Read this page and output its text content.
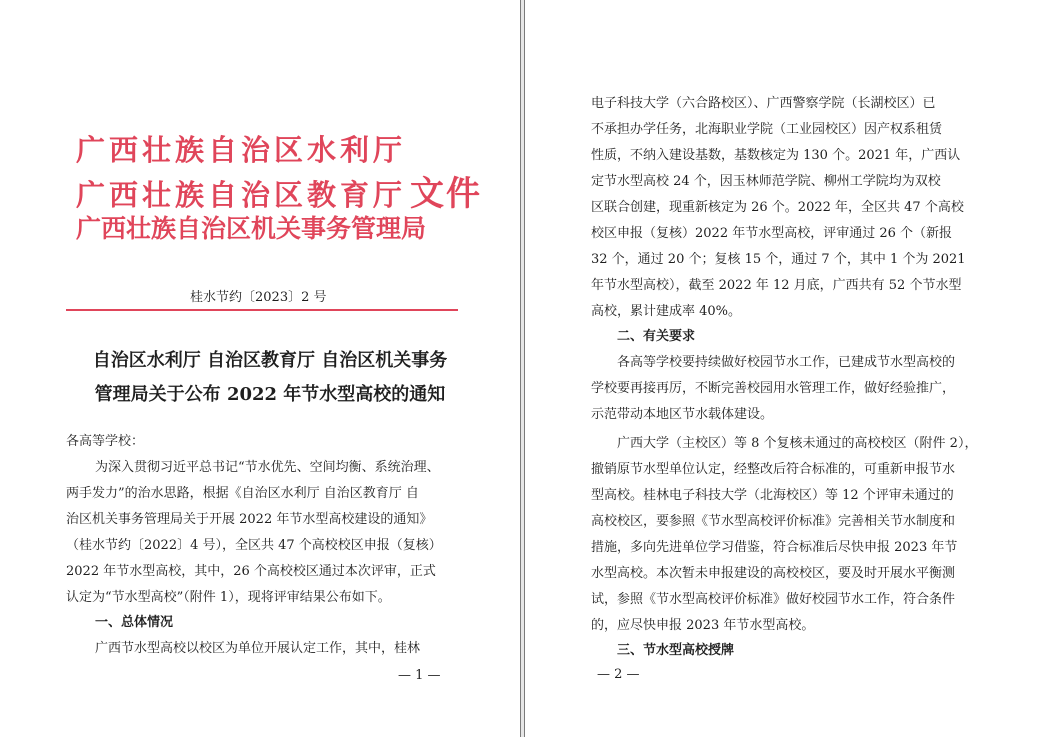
广西壮族自治区水利厅
广西壮族自治区教育厅 文件
广西壮族自治区机关事务管理局
桂水节约〔2023〕2 号
自治区水利厅 自治区教育厅 自治区机关事务
管理局关于公布 2022 年节水型高校的通知
各高等学校：
为深入贯彻习近平总书记“节水优先、空间均衡、系统治理、
两手发力”的治水思路，根据《自治区水利厅 自治区教育厅 自
治区机关事务管理局关于开展 2022 年节水型高校建设的通知》
（桂水节约〔2022〕4 号），全区共 47 个高校校区申报（复核）
2022 年节水型高校，其中，26 个高校校区通过本次评审，正式
认定为“节水型高校”（附件 1），现将评审结果公布如下。
一、总体情况
广西节水型高校以校区为单位开展认定工作，其中，桂林
— 1 —
电子科技大学（六合路校区）、广西警察学院（长湖校区）已
不承担办学任务，北海职业学院（工业园校区）因产权系租赁
性质，不纳入建设基数，基数核定为 130 个。2021 年，广西认
定节水型高校 24 个，因玉林师范学院、柳州工学院均为双校
区联合创建，现重新核定为 26 个。2022 年，全区共 47 个高校
校区申报（复核）2022 年节水型高校，评审通过 26 个（新报
32 个，通过 20 个；复核 15 个，通过 7 个，其中 1 个为 2021
年节水型高校），截至 2022 年 12 月底，广西共有 52 个节水型
高校，累计建成率 40%。
二、有关要求
各高等学校要持续做好校园节水工作，已建成节水型高校的
学校要再接再厉，不断完善校园用水管理工作，做好经验推广，
示范带动本地区节水载体建设。
广西大学（主校区）等 8 个复核未通过的高校校区（附件 2），
撤销原节水型单位认定，经整改后符合标准的，可重新申报节水
型高校。桂林电子科技大学（北海校区）等 12 个评审未通过的
高校校区，要参照《节水型高校评价标准》完善相关节水制度和
措施，多向先进单位学习借鉴，符合标准后尽快申报 2023 年节
水型高校。本次暂未申报建设的高校校区，要及时开展水平衡测
试，参照《节水型高校评价标准》做好校园节水工作，符合条件
的，应尽快申报 2023 年节水型高校。
三、节水型高校授牌
— 2 —
